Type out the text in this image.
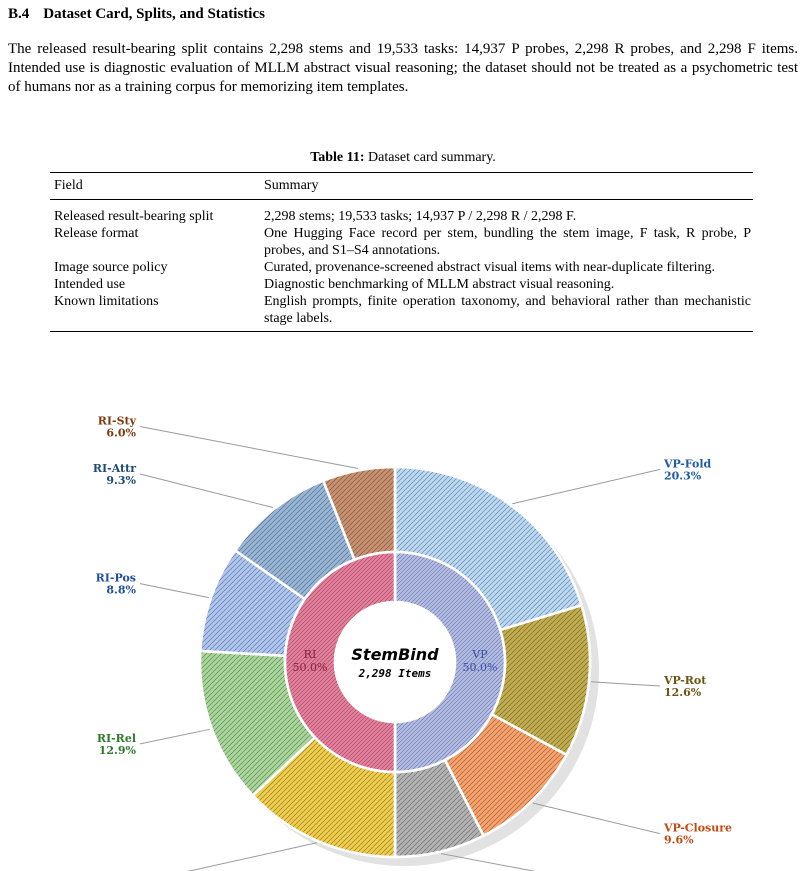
B.4 Dataset Card, Splits, and Statistics

The released result-bearing split contains 2,298 stems and 19,533 tasks: 14,937 P probes, 2,298 R probes, and 2,298 F items. Intended use is diagnostic evaluation of MLLM abstract visual reasoning; the dataset should not be treated as a psychometric test of humans nor as a training corpus for memorizing item templates.

Table 11: Dataset card summary.
Field	Summary
Released result-bearing split	2,298 stems; 19,533 tasks; 14,937 P / 2,298 R / 2,298 F.
Release format	One Hugging Face record per stem, bundling the stem image, F task, R probe, P probes, and S1–S4 annotations.
Image source policy	Curated, provenance-screened abstract visual items with near-duplicate filtering.
Intended use	Diagnostic benchmarking of MLLM abstract visual reasoning.
Known limitations	English prompts, finite operation taxonomy, and behavioral rather than mechanistic stage labels.
VP
50.0%
RI
50.0%
VP-Fold
20.3%
VP-Rot
12.6%
VP-Closure
9.6%
RI-Rel
12.9%
RI-Pos
8.8%
RI-Attr
9.3%
RI-Sty
6.0%
StemBind
2,298 Items
